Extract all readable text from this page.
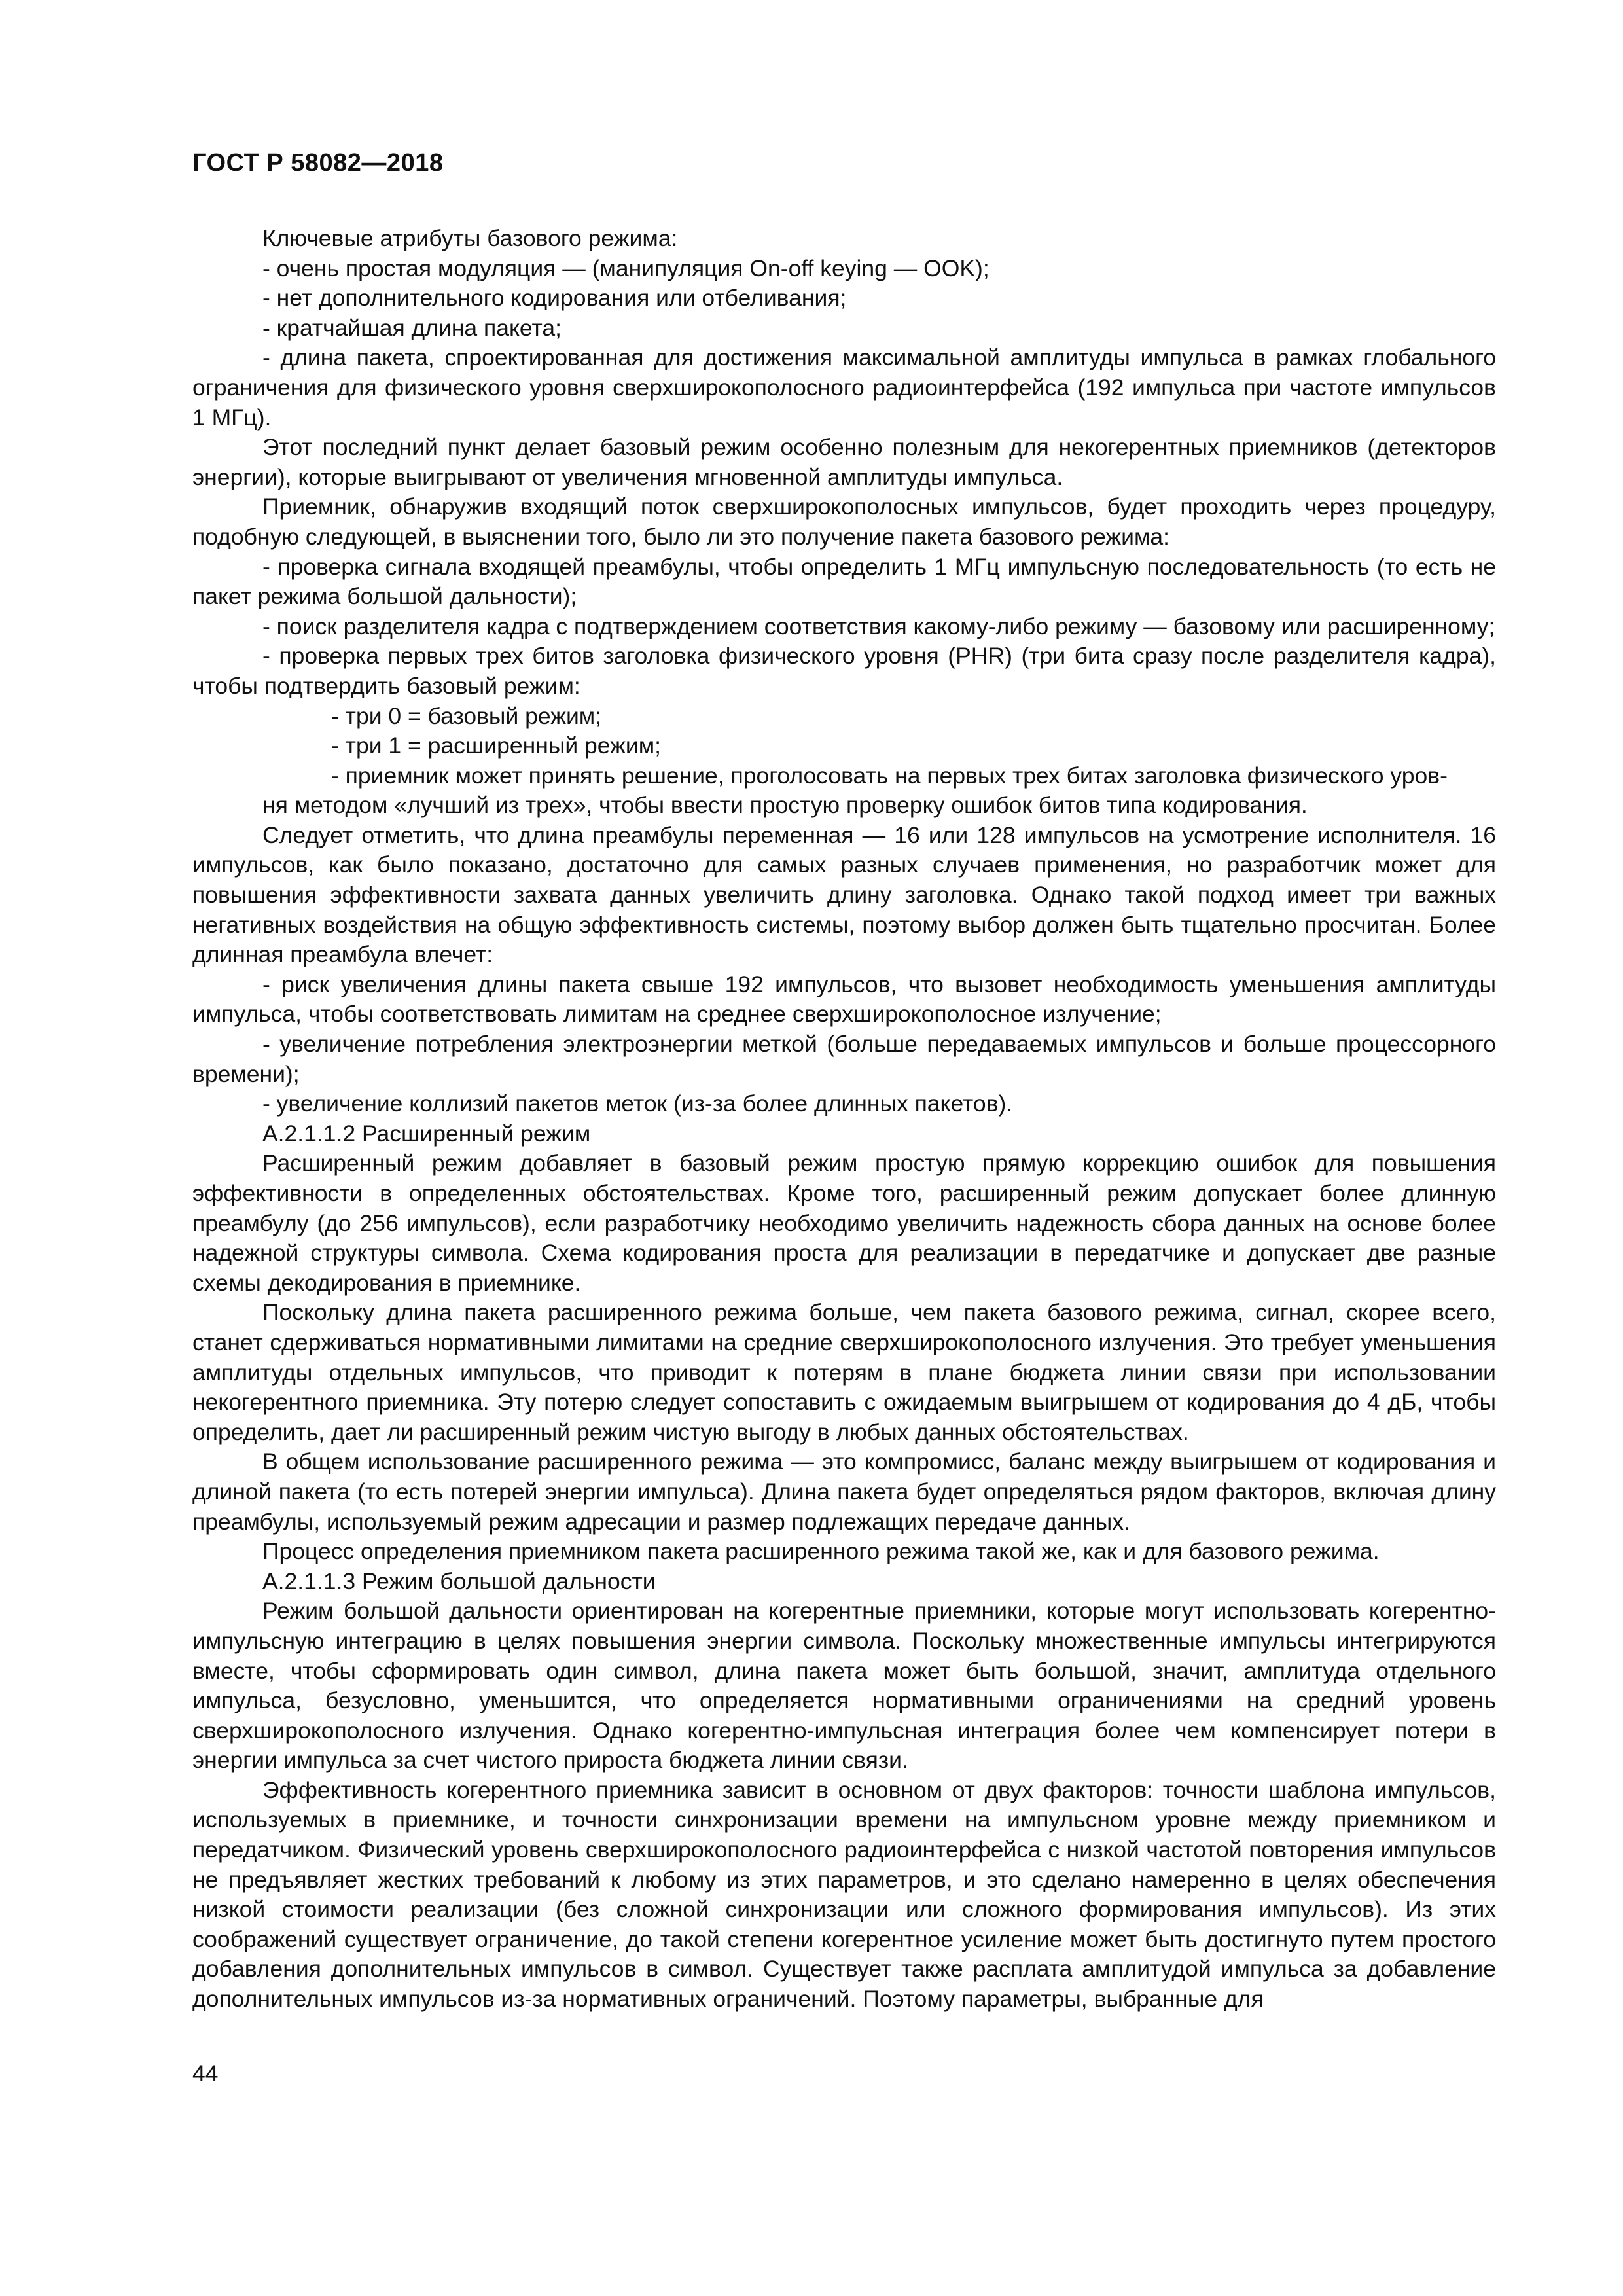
ГОСТ Р 58082—2018

Ключевые атрибуты базового режима:

- очень простая модуляция — (манипуляция On-off keying — OOK);

- нет дополнительного кодирования или отбеливания;

- кратчайшая длина пакета;

- длина пакета, спроектированная для достижения максимальной амплитуды импульса в рамках глобального ограничения для физического уровня сверхширокополосного радиоинтерфейса (192 импульса при частоте импульсов 1 МГц).

Этот последний пункт делает базовый режим особенно полезным для некогерентных приемников (детекторов энергии), которые выигрывают от увеличения мгновенной амплитуды импульса.

Приемник, обнаружив входящий поток сверхширокополосных импульсов, будет проходить через процедуру, подобную следующей, в выяснении того, было ли это получение пакета базового режима:

- проверка сигнала входящей преамбулы, чтобы определить 1 МГц импульсную последовательность (то есть не пакет режима большой дальности);

- поиск разделителя кадра с подтверждением соответствия какому-либо режиму — базовому или расширенному;

- проверка первых трех битов заголовка физического уровня (PHR) (три бита сразу после разделителя кадра), чтобы подтвердить базовый режим:

- три 0 = базовый режим;

- три 1 = расширенный режим;

- приемник может принять решение, проголосовать на первых трех битах заголовка физического уров-

ня методом «лучший из трех», чтобы ввести простую проверку ошибок битов типа кодирования.

Следует отметить, что длина преамбулы переменная — 16 или 128 импульсов на усмотрение исполнителя. 16 импульсов, как было показано, достаточно для самых разных случаев применения, но разработчик может для повышения эффективности захвата данных увеличить длину заголовка. Однако такой подход имеет три важных негативных воздействия на общую эффективность системы, поэтому выбор должен быть тщательно просчитан. Более длинная преамбула влечет:

- риск увеличения длины пакета свыше 192 импульсов, что вызовет необходимость уменьшения амплитуды импульса, чтобы соответствовать лимитам на среднее сверхширокополосное излучение;

- увеличение потребления электроэнергии меткой (больше передаваемых импульсов и больше процессорного времени);

- увеличение коллизий пакетов меток (из-за более длинных пакетов).

А.2.1.1.2 Расширенный режим

Расширенный режим добавляет в базовый режим простую прямую коррекцию ошибок для повышения эффективности в определенных обстоятельствах. Кроме того, расширенный режим допускает более длинную преамбулу (до 256 импульсов), если разработчику необходимо увеличить надежность сбора данных на основе более надежной структуры символа. Схема кодирования проста для реализации в передатчике и допускает две разные схемы декодирования в приемнике.

Поскольку длина пакета расширенного режима больше, чем пакета базового режима, сигнал, скорее всего, станет сдерживаться нормативными лимитами на средние сверхширокополосного излучения. Это требует уменьшения амплитуды отдельных импульсов, что приводит к потерям в плане бюджета линии связи при использовании некогерентного приемника. Эту потерю следует сопоставить с ожидаемым выигрышем от кодирования до 4 дБ, чтобы определить, дает ли расширенный режим чистую выгоду в любых данных обстоятельствах.

В общем использование расширенного режима — это компромисс, баланс между выигрышем от кодирования и длиной пакета (то есть потерей энергии импульса). Длина пакета будет определяться рядом факторов, включая длину преамбулы, используемый режим адресации и размер подлежащих передаче данных.

Процесс определения приемником пакета расширенного режима такой же, как и для базового режима.

А.2.1.1.3 Режим большой дальности

Режим большой дальности ориентирован на когерентные приемники, которые могут использовать когерентно-импульсную интеграцию в целях повышения энергии символа. Поскольку множественные импульсы интегрируются вместе, чтобы сформировать один символ, длина пакета может быть большой, значит, амплитуда отдельного импульса, безусловно, уменьшится, что определяется нормативными ограничениями на средний уровень сверхширокополосного излучения. Однако когерентно-импульсная интеграция более чем компенсирует потери в энергии импульса за счет чистого прироста бюджета линии связи.

Эффективность когерентного приемника зависит в основном от двух факторов: точности шаблона импульсов, используемых в приемнике, и точности синхронизации времени на импульсном уровне между приемником и передатчиком. Физический уровень сверхширокополосного радиоинтерфейса с низкой частотой повторения импульсов не предъявляет жестких требований к любому из этих параметров, и это сделано намеренно в целях обеспечения низкой стоимости реализации (без сложной синхронизации или сложного формирования импульсов). Из этих соображений существует ограничение, до такой степени когерентное усиление может быть достигнуто путем простого добавления дополнительных импульсов в символ. Существует также расплата амплитудой импульса за добавление дополнительных импульсов из-за нормативных ограничений. Поэтому параметры, выбранные для

44
